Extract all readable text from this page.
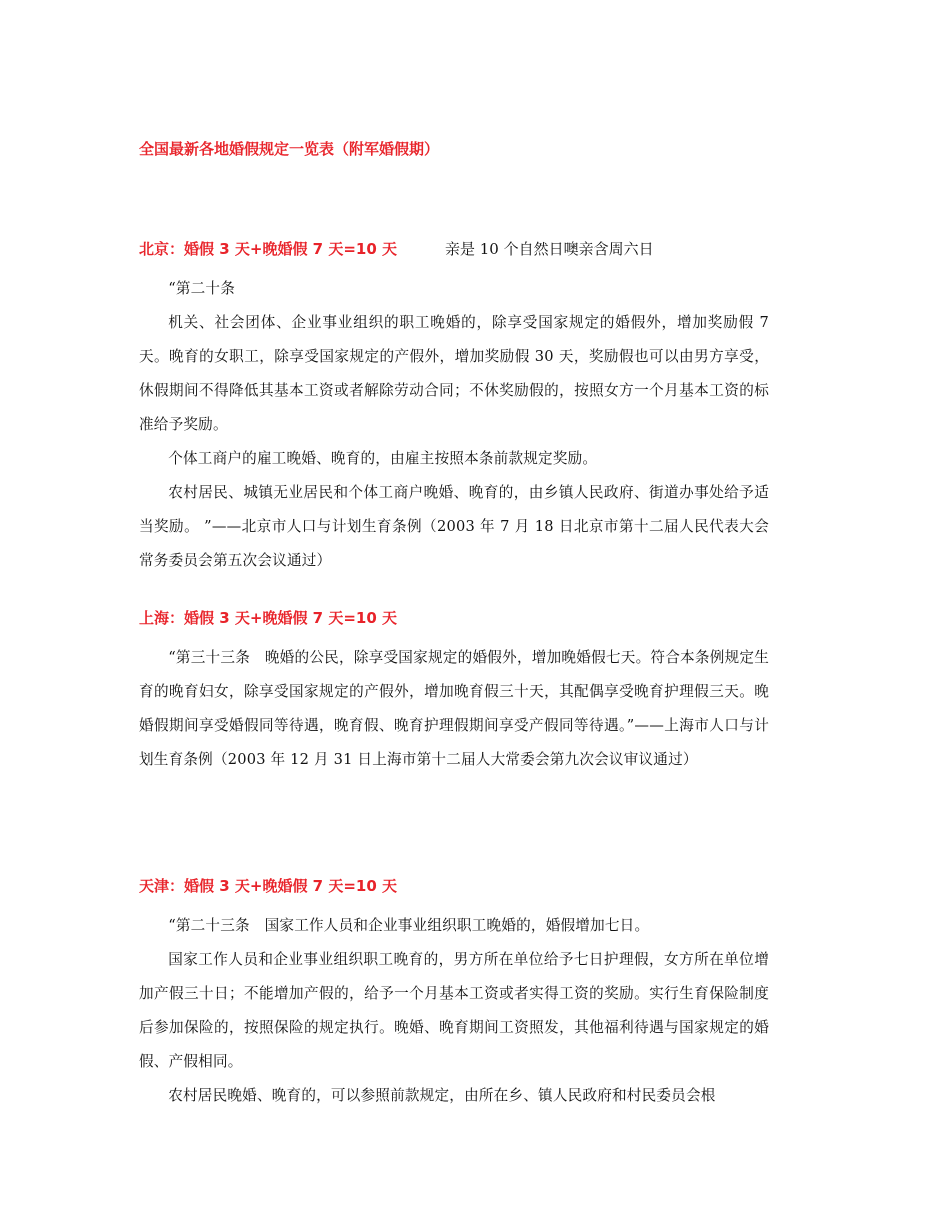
全国最新各地婚假规定一览表（附军婚假期）
北京：婚假 3 天+晚婚假 7 天=10 天	亲是 10 个自然日噢亲含周六日

“第二十条

机关、社会团体、企业事业组织的职工晚婚的，除享受国家规定的婚假外，增加奖励假 7 天。晚育的女职工，除享受国家规定的产假外，增加奖励假 30 天，奖励假也可以由男方享受，休假期间不得降低其基本工资或者解除劳动合同；不休奖励假的，按照女方一个月基本工资的标准给予奖励。

个体工商户的雇工晚婚、晚育的，由雇主按照本条前款规定奖励。

农村居民、城镇无业居民和个体工商户晚婚、晚育的，由乡镇人民政府、街道办事处给予适当奖励。 ”——北京市人口与计划生育条例（2003 年 7 月 18 日北京市第十二届人民代表大会常务委员会第五次会议通过）

上海：婚假 3 天+晚婚假 7 天=10 天

“第三十三条　晚婚的公民，除享受国家规定的婚假外，增加晚婚假七天。符合本条例规定生育的晚育妇女，除享受国家规定的产假外，增加晚育假三十天，其配偶享受晚育护理假三天。晚婚假期间享受婚假同等待遇，晚育假、晚育护理假期间享受产假同等待遇。”——上海市人口与计划生育条例（2003 年 12 月 31 日上海市第十二届人大常委会第九次会议审议通过）

天津：婚假 3 天+晚婚假 7 天=10 天

“第二十三条　国家工作人员和企业事业组织职工晚婚的，婚假增加七日。

国家工作人员和企业事业组织职工晚育的，男方所在单位给予七日护理假，女方所在单位增加产假三十日；不能增加产假的，给予一个月基本工资或者实得工资的奖励。实行生育保险制度后参加保险的，按照保险的规定执行。晚婚、晚育期间工资照发，其他福利待遇与国家规定的婚假、产假相同。

农村居民晚婚、晚育的，可以参照前款规定，由所在乡、镇人民政府和村民委员会根
